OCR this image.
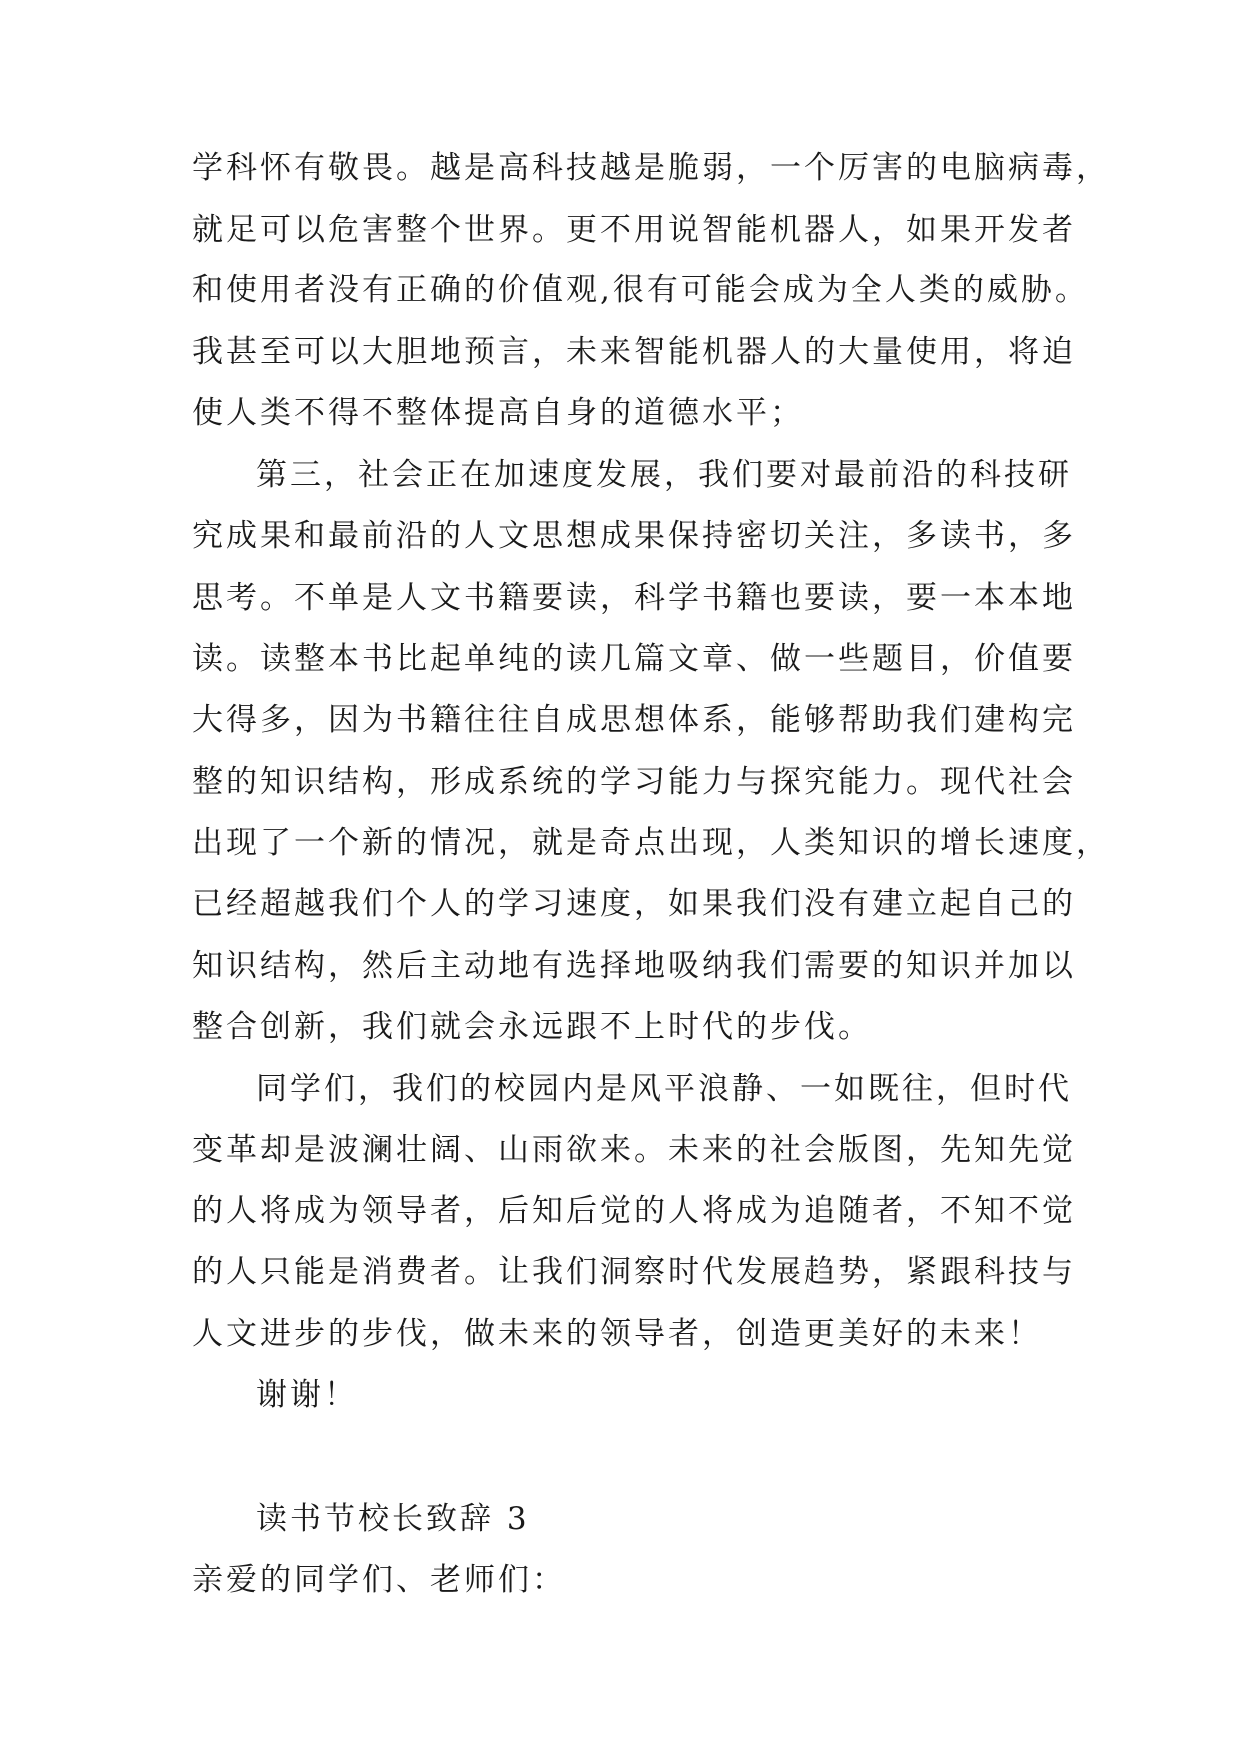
学科怀有敬畏。越是高科技越是脆弱，一个厉害的电脑病毒，
就足可以危害整个世界。更不用说智能机器人，如果开发者
和使用者没有正确的价值观,很有可能会成为全人类的威胁。
我甚至可以大胆地预言，未来智能机器人的大量使用，将迫
使人类不得不整体提高自身的道德水平；
第三，社会正在加速度发展，我们要对最前沿的科技研
究成果和最前沿的人文思想成果保持密切关注，多读书，多
思考。不单是人文书籍要读，科学书籍也要读，要一本本地
读。读整本书比起单纯的读几篇文章、做一些题目，价值要
大得多，因为书籍往往自成思想体系，能够帮助我们建构完
整的知识结构，形成系统的学习能力与探究能力。现代社会
出现了一个新的情况，就是奇点出现，人类知识的增长速度，
已经超越我们个人的学习速度，如果我们没有建立起自己的
知识结构，然后主动地有选择地吸纳我们需要的知识并加以
整合创新，我们就会永远跟不上时代的步伐。
同学们，我们的校园内是风平浪静、一如既往，但时代
变革却是波澜壮阔、山雨欲来。未来的社会版图，先知先觉
的人将成为领导者，后知后觉的人将成为追随者，不知不觉
的人只能是消费者。让我们洞察时代发展趋势，紧跟科技与
人文进步的步伐，做未来的领导者，创造更美好的未来！
谢谢！
读书节校长致辞 3
亲爱的同学们、老师们：
